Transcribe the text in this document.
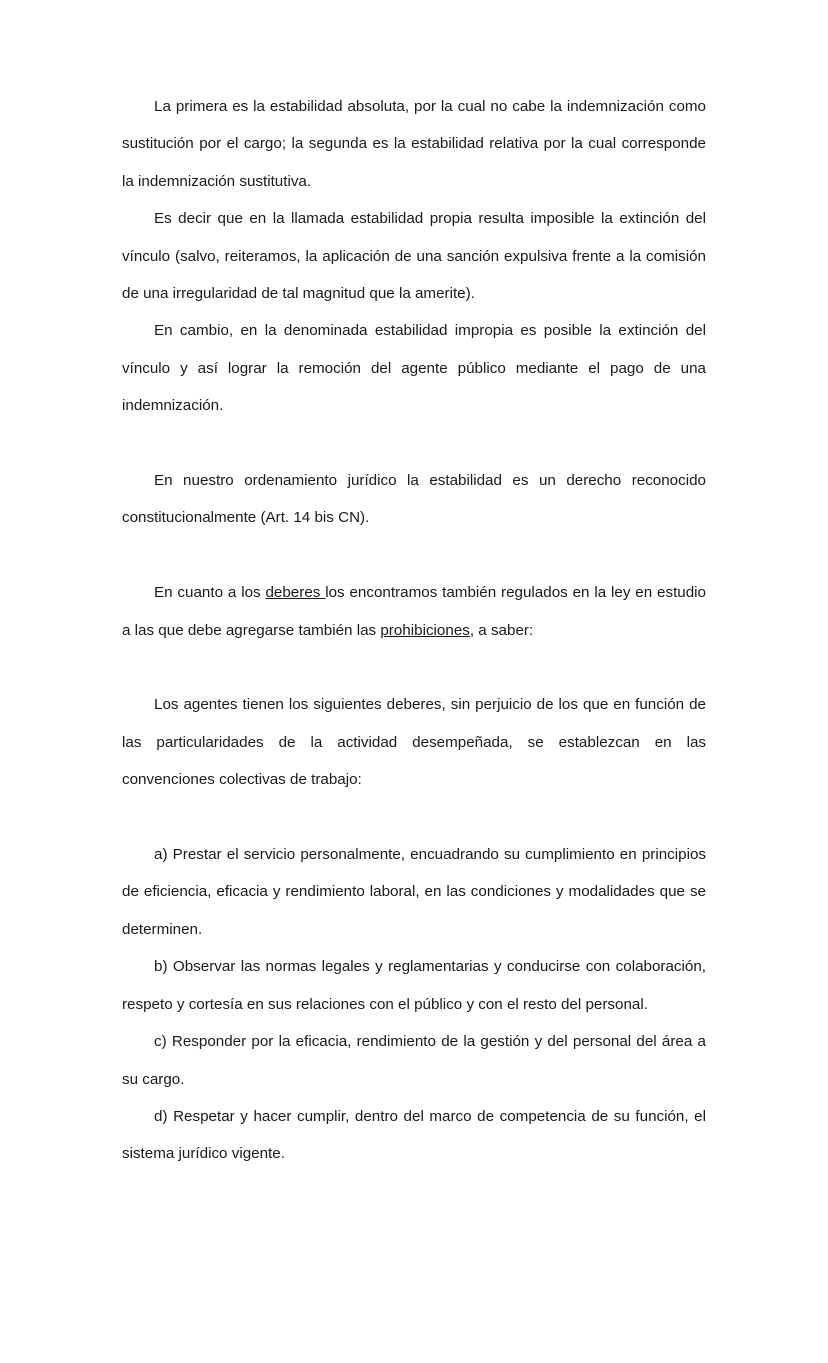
La primera es la estabilidad absoluta, por la cual no cabe la indemnización como sustitución por el cargo; la segunda es la estabilidad relativa por la cual corresponde la indemnización sustitutiva.

Es decir que en la llamada estabilidad propia resulta imposible la extinción del vínculo (salvo, reiteramos, la aplicación de una sanción expulsiva frente a la comisión de una irregularidad de tal magnitud que la amerite).

En cambio, en la denominada estabilidad impropia es posible la extinción del vínculo y así lograr la remoción del agente público mediante el pago de una indemnización.

En nuestro ordenamiento jurídico la estabilidad es un derecho reconocido constitucionalmente (Art. 14 bis CN).

En cuanto a los deberes los encontramos también regulados en la ley en estudio a las que debe agregarse también las prohibiciones, a saber:

Los agentes tienen los siguientes deberes, sin perjuicio de los que en función de las particularidades de la actividad desempeñada, se establezcan en las convenciones colectivas de trabajo:

a) Prestar el servicio personalmente, encuadrando su cumplimiento en principios de eficiencia, eficacia y rendimiento laboral, en las condiciones y modalidades que se determinen.

b) Observar las normas legales y reglamentarias y conducirse con colaboración, respeto y cortesía en sus relaciones con el público y con el resto del personal.

c) Responder por la eficacia, rendimiento de la gestión y del personal del área a su cargo.

d) Respetar y hacer cumplir, dentro del marco de competencia de su función, el sistema jurídico vigente.
